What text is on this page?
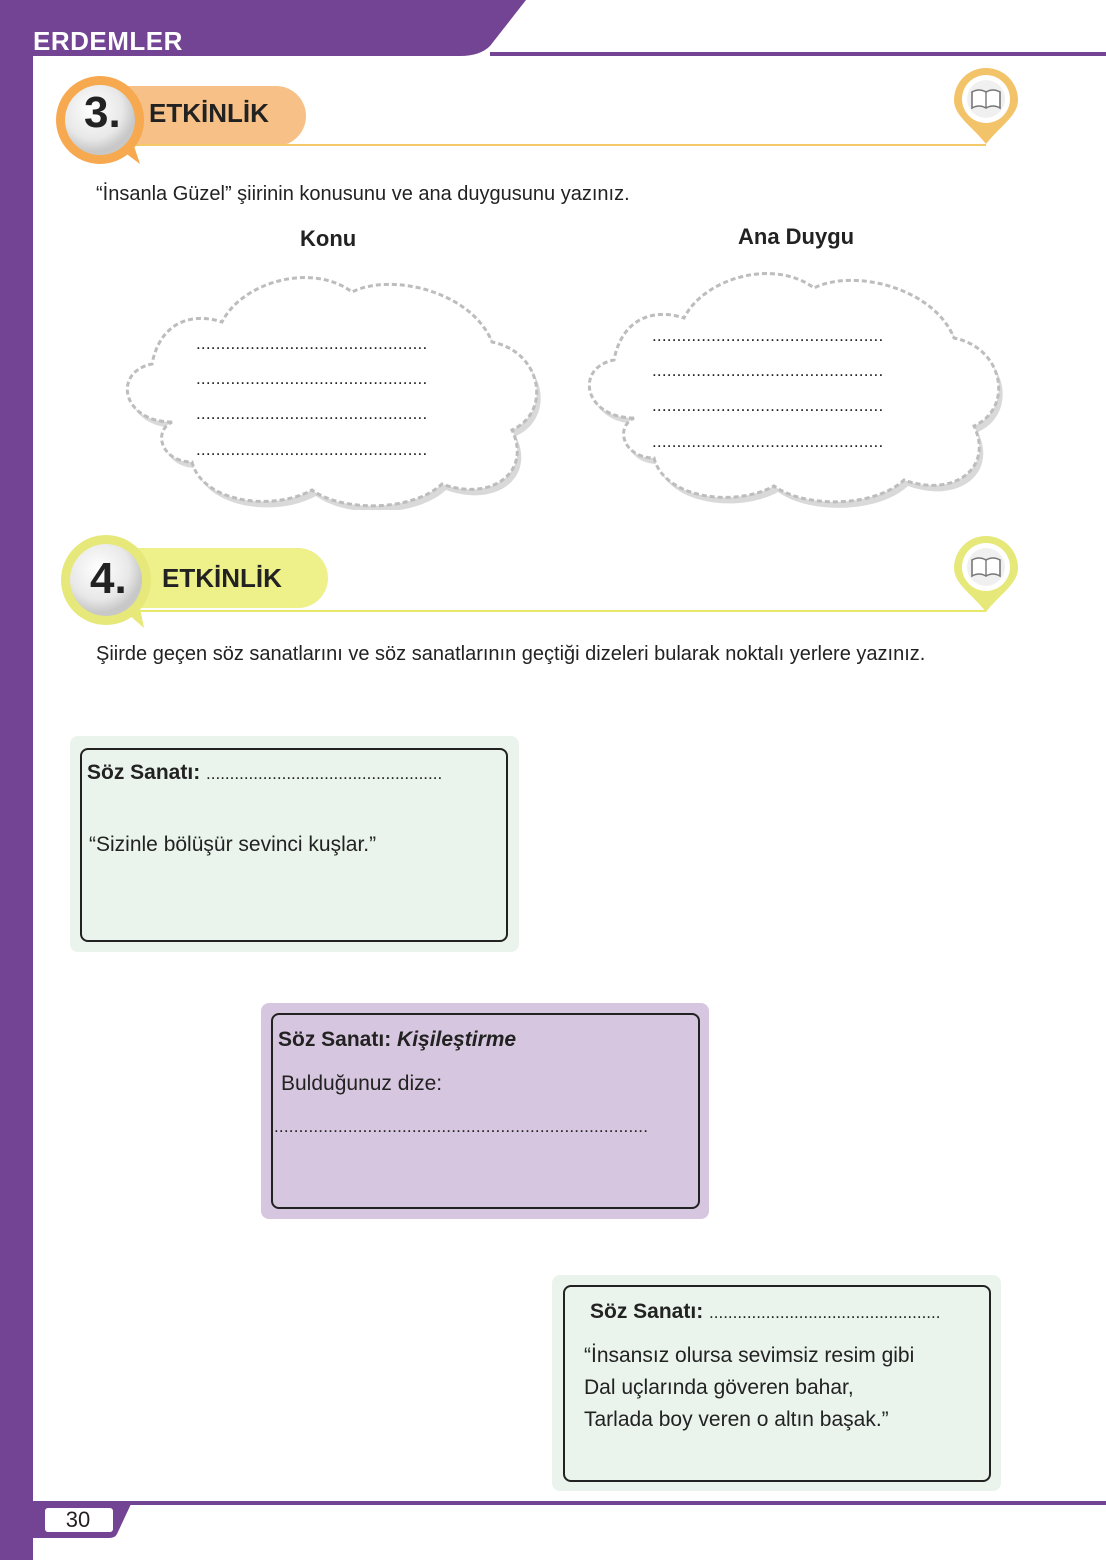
ERDEMLER
3. ETKİNLİK
“İnsanla Güzel” şiirinin konusunu ve ana duygusunu yazınız.
Konu	Ana Duygu
...............................................
...............................................
...............................................
...............................................
...............................................
...............................................
...............................................
...............................................
4. ETKİNLİK
Şiirde geçen söz sanatlarını ve söz sanatlarının geçtiği dizeleri bularak noktalı yerlere yazınız.
Söz Sanatı: ..................................................
“Sizinle bölüşür sevinci kuşlar.”
Söz Sanatı: Kişileştirme
Bulduğunuz dize:
............................................................................
Söz Sanatı: .................................................
“İnsansız olursa sevimsiz resim gibi
Dal uçlarında göveren bahar,
Tarlada boy veren o altın başak.”
30
